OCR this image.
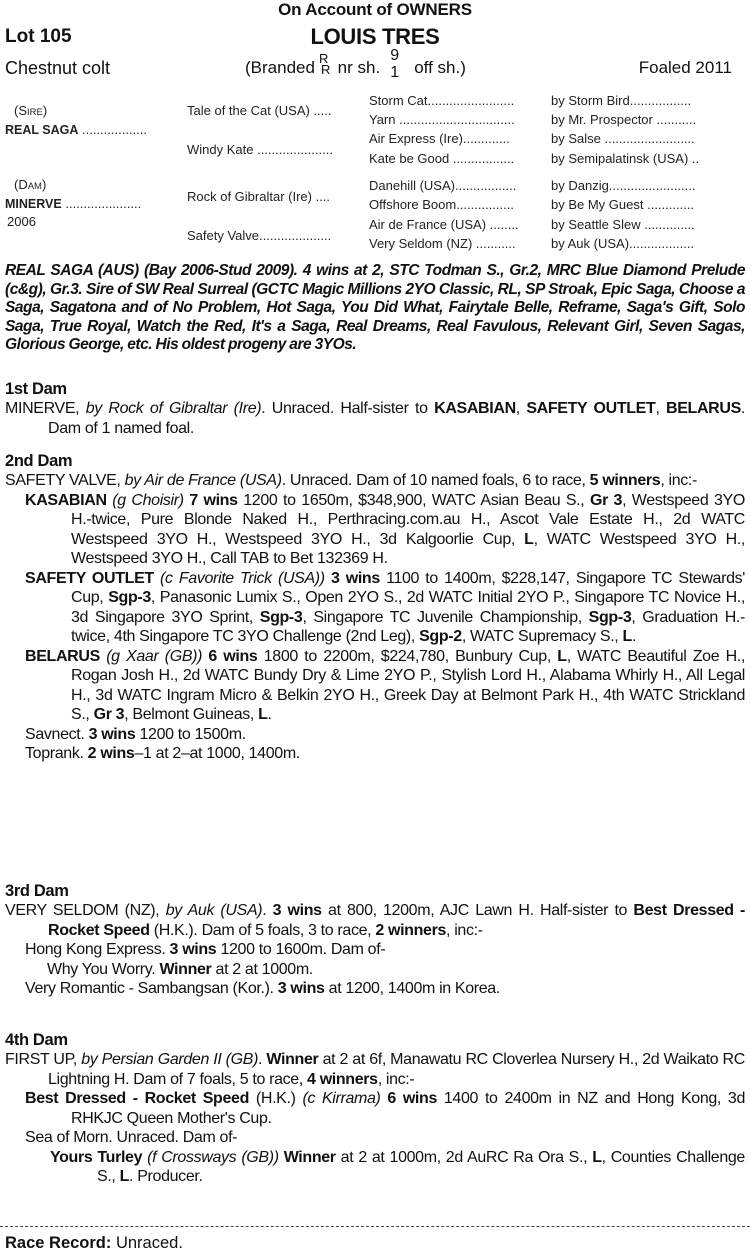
On Account of OWNERS
Lot 105	LOUIS TRES
Chestnut colt	(Branded R
R nr sh.
9
1 off sh.)	Foaled 2011
(SIRE)
REAL SAGA ..................
(DAM)
MINERVE .....................
2006
Tale of the Cat (USA) .....
Windy Kate .....................
Rock of Gibraltar (Ire) ....
Safety Valve....................
Storm Cat........................	by Storm Bird.................
Yarn ................................	by Mr. Prospector ...........
Air Express (Ire).............	by Salse .........................
Kate be Good .................	by Semipalatinsk (USA) ..
Danehill (USA).................	by Danzig........................
Offshore Boom................	by Be My Guest .............
Air de France (USA) ........ by Seattle Slew ..............
Very Seldom (NZ) ...........	by Auk (USA)..................
REAL SAGA (AUS) (Bay 2006-Stud 2009). 4 wins at 2, STC Todman S., Gr.2, MRC Blue Diamond Prelude (c&g), Gr.3. Sire of SW Real Surreal (GCTC Magic Millions 2YO Classic, RL, SP Stroak, Epic Saga, Choose a Saga, Sagatona and of No Problem, Hot Saga, You Did What, Fairytale Belle, Reframe, Saga's Gift, Solo Saga, True Royal, Watch the Red, It's a Saga, Real Dreams, Real Favulous, Relevant Girl, Seven Sagas, Glorious George, etc. His oldest progeny are 3YOs.
1st Dam
MINERVE, by Rock of Gibraltar (Ire). Unraced. Half-sister to KASABIAN, SAFETY OUTLET, BELARUS. Dam of 1 named foal.
2nd Dam
SAFETY VALVE, by Air de France (USA). Unraced. Dam of 10 named foals, 6 to race, 5 winners, inc:-
KASABIAN (g Choisir) 7 wins 1200 to 1650m, $348,900, WATC Asian Beau S., Gr 3, Westspeed 3YO H.-twice, Pure Blonde Naked H., Perthracing.com.au H., Ascot Vale Estate H., 2d WATC Westspeed 3YO H., Westspeed 3YO H., 3d Kalgoorlie Cup, L, WATC Westspeed 3YO H., Westspeed 3YO H., Call TAB to Bet 132369 H.
SAFETY OUTLET (c Favorite Trick (USA)) 3 wins 1100 to 1400m, $228,147, Singapore TC Stewards' Cup, Sgp-3, Panasonic Lumix S., Open 2YO S., 2d WATC Initial 2YO P., Singapore TC Novice H., 3d Singapore 3YO Sprint, Sgp-3, Singapore TC Juvenile Championship, Sgp-3, Graduation H.-twice, 4th Singapore TC 3YO Challenge (2nd Leg), Sgp-2, WATC Supremacy S., L.
BELARUS (g Xaar (GB)) 6 wins 1800 to 2200m, $224,780, Bunbury Cup, L, WATC Beautiful Zoe H., Rogan Josh H., 2d WATC Bundy Dry & Lime 2YO P., Stylish Lord H., Alabama Whirly H., All Legal H., 3d WATC Ingram Micro & Belkin 2YO H., Greek Day at Belmont Park H., 4th WATC Strickland S., Gr 3, Belmont Guineas, L.
Savnect. 3 wins 1200 to 1500m.
Toprank. 2 wins–1 at 2–at 1000, 1400m.
3rd Dam
VERY SELDOM (NZ), by Auk (USA). 3 wins at 800, 1200m, AJC Lawn H. Half-sister to Best Dressed - Rocket Speed (H.K.). Dam of 5 foals, 3 to race, 2 winners, inc:-
Hong Kong Express. 3 wins 1200 to 1600m. Dam of-
Why You Worry. Winner at 2 at 1000m.
Very Romantic - Sambangsan (Kor.). 3 wins at 1200, 1400m in Korea.
4th Dam
FIRST UP, by Persian Garden II (GB). Winner at 2 at 6f, Manawatu RC Cloverlea Nursery H., 2d Waikato RC Lightning H. Dam of 7 foals, 5 to race, 4 winners, inc:-
Best Dressed - Rocket Speed (H.K.) (c Kirrama) 6 wins 1400 to 2400m in NZ and Hong Kong, 3d RHKJC Queen Mother's Cup.
Sea of Morn. Unraced. Dam of-
Yours Turley (f Crossways (GB)) Winner at 2 at 1000m, 2d AuRC Ra Ora S., L, Counties Challenge S., L. Producer.
Race Record: Unraced.
